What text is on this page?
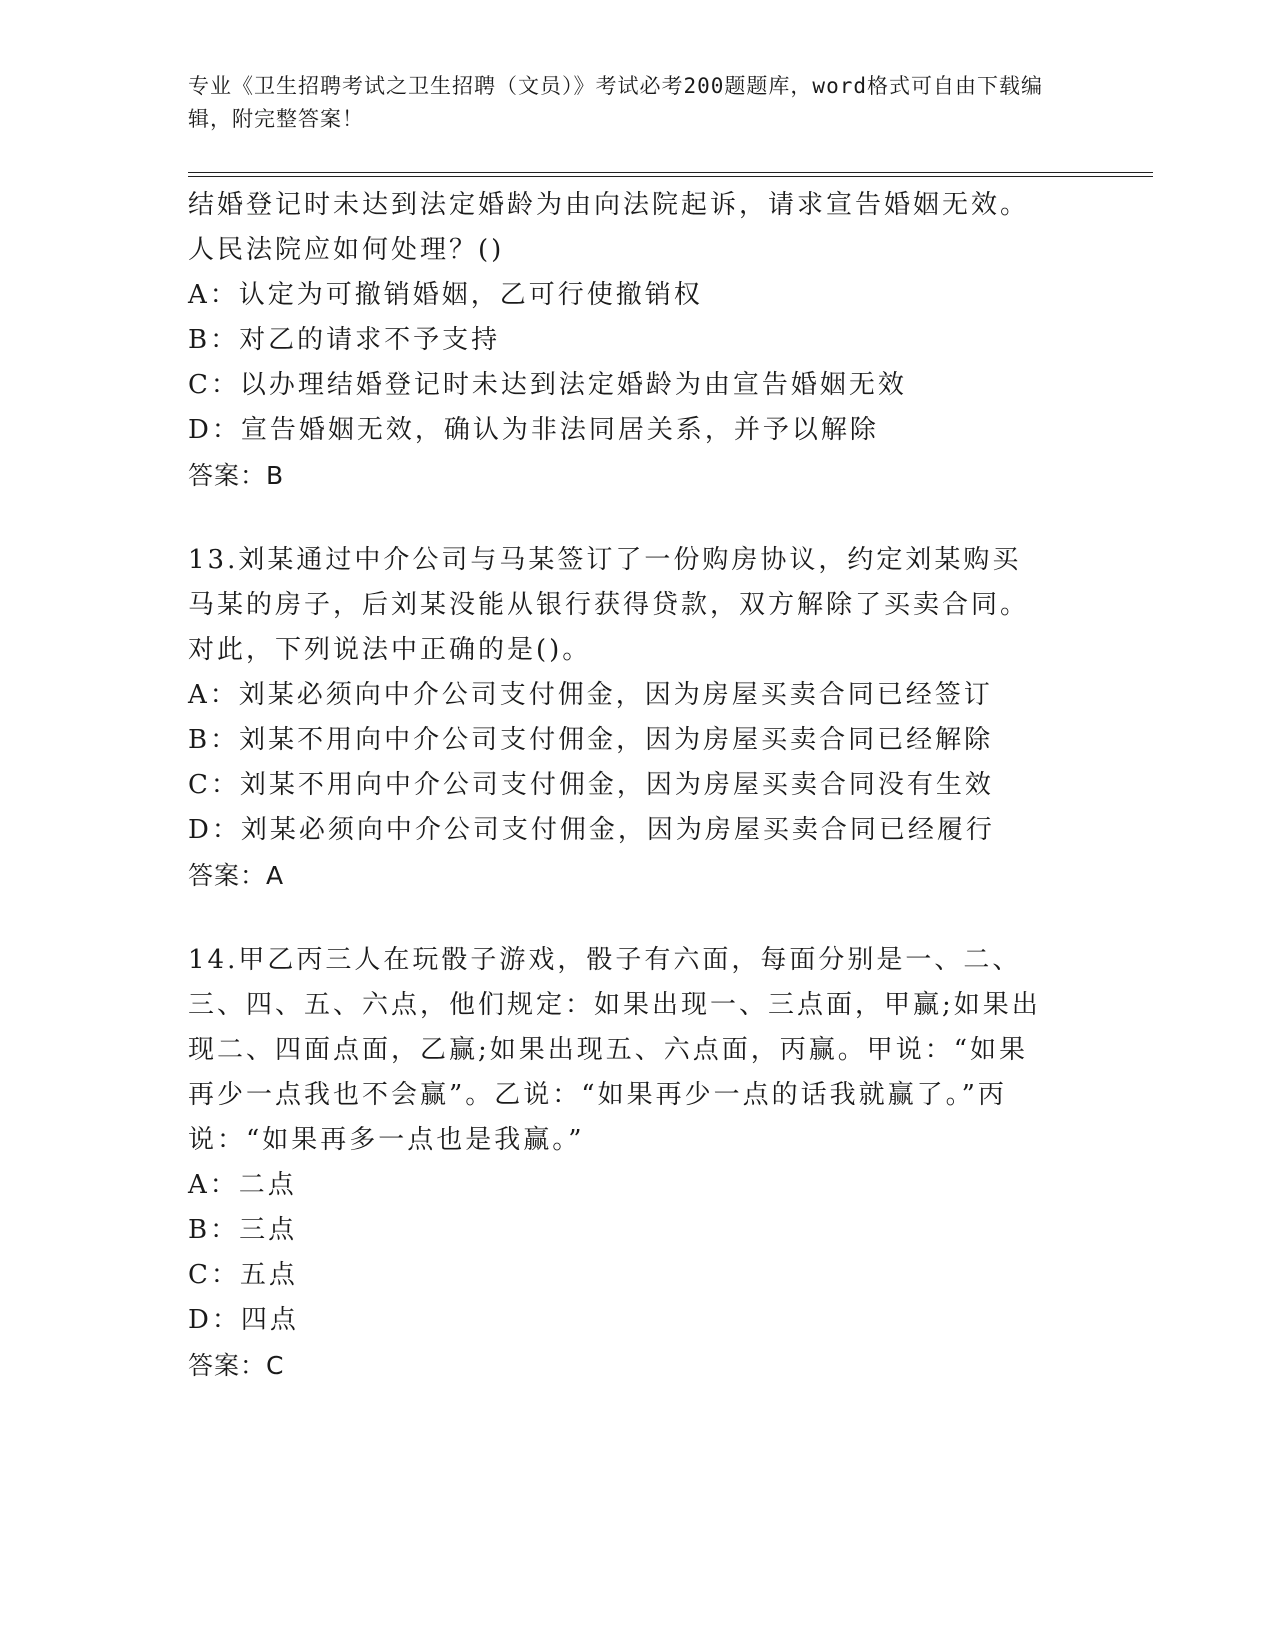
专业《卫生招聘考试之卫生招聘（文员）》考试必考200题题库，word格式可自由下载编辑，附完整答案！

结婚登记时未达到法定婚龄为由向法院起诉，请求宣告婚姻无效。人民法院应如何处理？()

A：认定为可撤销婚姻，乙可行使撤销权

B：对乙的请求不予支持

C：以办理结婚登记时未达到法定婚龄为由宣告婚姻无效

D：宣告婚姻无效，确认为非法同居关系，并予以解除

答案：B

13.刘某通过中介公司与马某签订了一份购房协议，约定刘某购买马某的房子，后刘某没能从银行获得贷款，双方解除了买卖合同。对此，下列说法中正确的是()。

A：刘某必须向中介公司支付佣金，因为房屋买卖合同已经签订

B：刘某不用向中介公司支付佣金，因为房屋买卖合同已经解除

C：刘某不用向中介公司支付佣金，因为房屋买卖合同没有生效

D：刘某必须向中介公司支付佣金，因为房屋买卖合同已经履行

答案：A

14.甲乙丙三人在玩骰子游戏，骰子有六面，每面分别是一、二、三、四、五、六点，他们规定：如果出现一、三点面，甲赢;如果出现二、四面点面，乙赢;如果出现五、六点面，丙赢。甲说：“如果再少一点我也不会赢”。乙说：“如果再少一点的话我就赢了。”丙说：“如果再多一点也是我赢。”

A：二点

B：三点

C：五点

D：四点

答案：C
